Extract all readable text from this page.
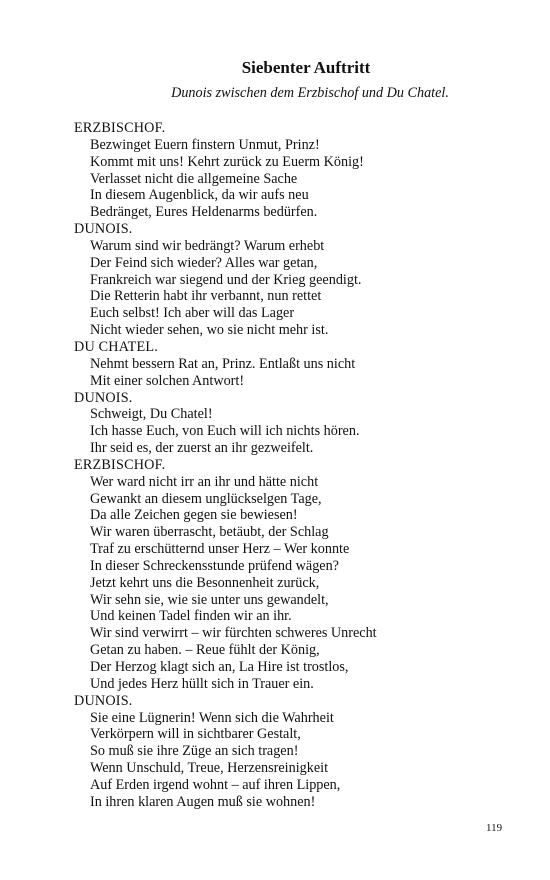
Siebenter Auftritt
Dunois zwischen dem Erzbischof und Du Chatel.
ERZBISCHOF.
Bezwinget Euern finstern Unmut, Prinz!
Kommt mit uns! Kehrt zurück zu Euerm König!
Verlasset nicht die allgemeine Sache
In diesem Augenblick, da wir aufs neu
Bedränget, Eures Heldenarms bedürfen.
DUNOIS.
Warum sind wir bedrängt? Warum erhebt
Der Feind sich wieder? Alles war getan,
Frankreich war siegend und der Krieg geendigt.
Die Retterin habt ihr verbannt, nun rettet
Euch selbst! Ich aber will das Lager
Nicht wieder sehen, wo sie nicht mehr ist.
DU CHATEL.
Nehmt bessern Rat an, Prinz. Entlaßt uns nicht
Mit einer solchen Antwort!
DUNOIS.
Schweigt, Du Chatel!
Ich hasse Euch, von Euch will ich nichts hören.
Ihr seid es, der zuerst an ihr gezweifelt.
ERZBISCHOF.
Wer ward nicht irr an ihr und hätte nicht
Gewankt an diesem unglückselgen Tage,
Da alle Zeichen gegen sie bewiesen!
Wir waren überrascht, betäubt, der Schlag
Traf zu erschütternd unser Herz – Wer konnte
In dieser Schreckensstunde prüfend wägen?
Jetzt kehrt uns die Besonnenheit zurück,
Wir sehn sie, wie sie unter uns gewandelt,
Und keinen Tadel finden wir an ihr.
Wir sind verwirrt – wir fürchten schweres Unrecht
Getan zu haben. – Reue fühlt der König,
Der Herzog klagt sich an, La Hire ist trostlos,
Und jedes Herz hüllt sich in Trauer ein.
DUNOIS.
Sie eine Lügnerin! Wenn sich die Wahrheit
Verkörpern will in sichtbarer Gestalt,
So muß sie ihre Züge an sich tragen!
Wenn Unschuld, Treue, Herzensreinigkeit
Auf Erden irgend wohnt – auf ihren Lippen,
In ihren klaren Augen muß sie wohnen!
119
